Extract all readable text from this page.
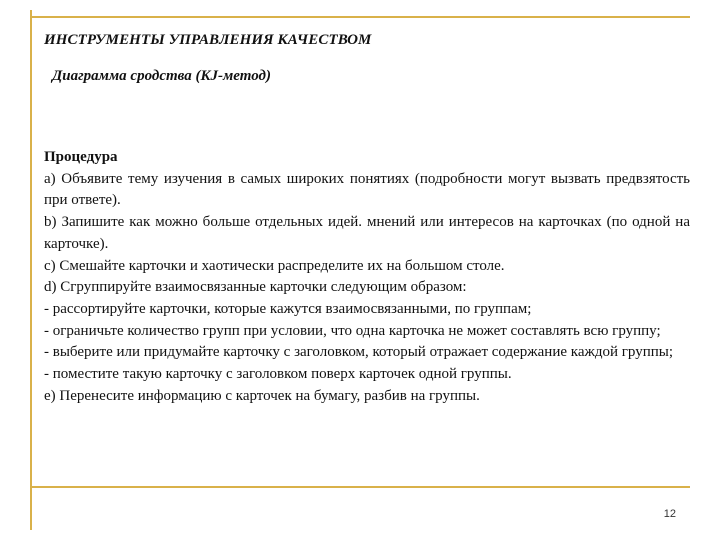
ИНСТРУМЕНТЫ УПРАВЛЕНИЯ КАЧЕСТВОМ
Диаграмма сродства (KJ-метод)

Процедура

a) Объявите тему изучения в самых широких понятиях (подробности могут вызвать предвзятость при ответе).

b) Запишите как можно больше отдельных идей. мнений или интересов на карточках (по одной на карточке).

c) Смешайте карточки и хаотически распределите их на большом столе.

d) Сгруппируйте взаимосвязанные карточки следующим образом:

- рассортируйте карточки, которые кажутся взаимосвязанными, по группам;

- ограничьте количество групп при условии, что одна карточка не может составлять всю группу;

- выберите или придумайте карточку с заголовком, который отражает содержание каждой группы;

- поместите такую карточку с заголовком поверх карточек одной группы.

e) Перенесите информацию с карточек на бумагу, разбив на группы.

12
